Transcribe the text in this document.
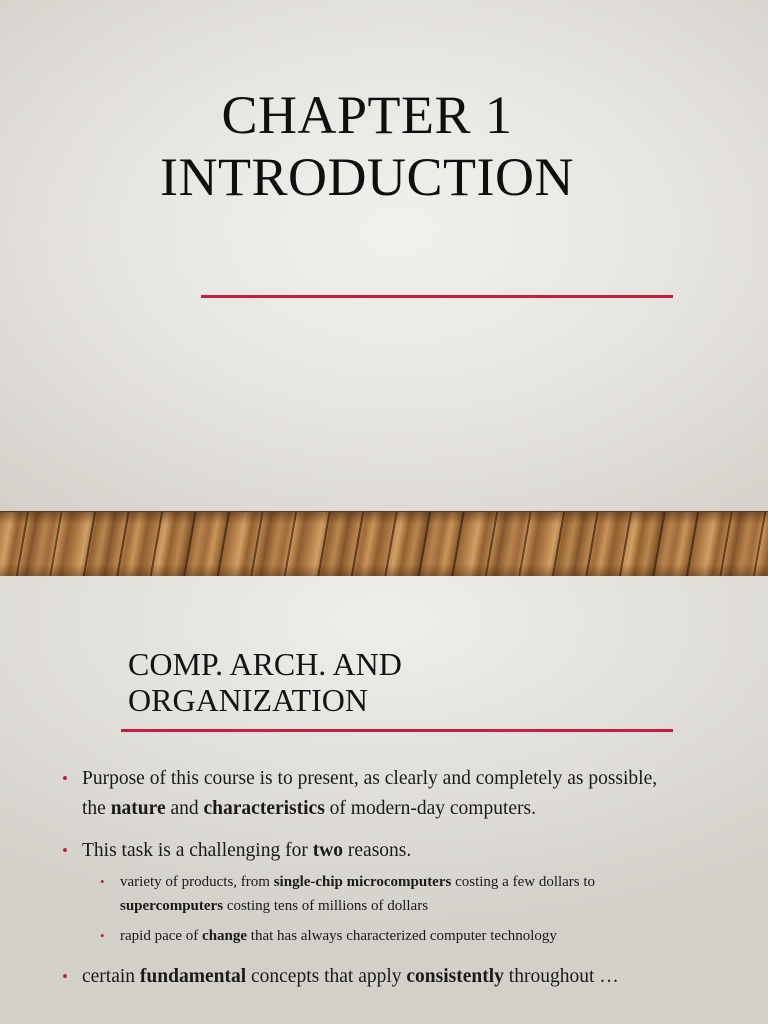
CHAPTER 1
INTRODUCTION
COMP. ARCH. AND
ORGANIZATION
• Purpose of this course is to present, as clearly and completely as possible,
the nature and characteristics of modern-day computers.
• This task is a challenging for two reasons.
• variety of products, from single-chip microcomputers costing a few dollars to
supercomputers costing tens of millions of dollars
• rapid pace of change that has always characterized computer technology
• certain fundamental concepts that apply consistently throughout …
